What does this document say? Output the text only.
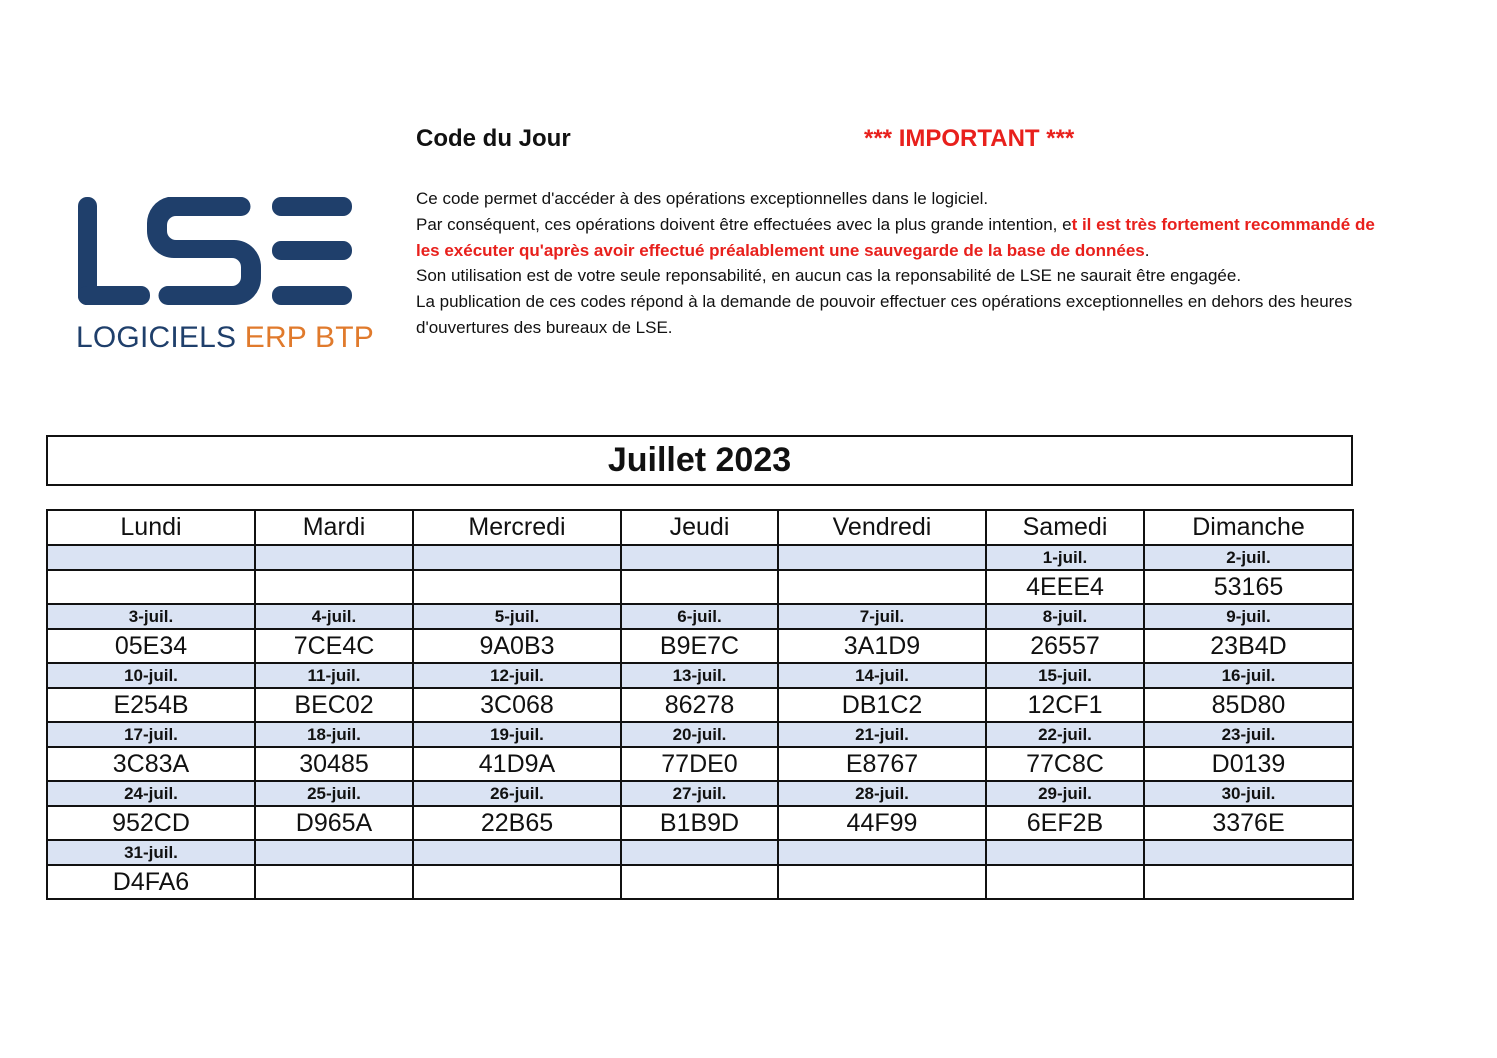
LOGICIELS ERP BTP
Code du Jour	*** IMPORTANT ***
Ce code permet d'accéder à des opérations exceptionnelles dans le logiciel.
Par conséquent, ces opérations doivent être effectuées avec la plus grande intention, et il est très fortement recommandé de les exécuter qu'après avoir effectué préalablement une sauvegarde de la base de données.
Son utilisation est de votre seule reponsabilité, en aucun cas la reponsabilité de LSE ne saurait être engagée.
La publication de ces codes répond à la demande de pouvoir effectuer ces opérations exceptionnelles en dehors des heures d'ouvertures des bureaux de LSE.
Juillet 2023
Lundi	Mardi	Mercredi	Jeudi	Vendredi	Samedi	Dimanche
					1-juil.	2-juil.
					4EEE4	53165
3-juil.	4-juil.	5-juil.	6-juil.	7-juil.	8-juil.	9-juil.
05E34	7CE4C	9A0B3	B9E7C	3A1D9	26557	23B4D
10-juil.	11-juil.	12-juil.	13-juil.	14-juil.	15-juil.	16-juil.
E254B	BEC02	3C068	86278	DB1C2	12CF1	85D80
17-juil.	18-juil.	19-juil.	20-juil.	21-juil.	22-juil.	23-juil.
3C83A	30485	41D9A	77DE0	E8767	77C8C	D0139
24-juil.	25-juil.	26-juil.	27-juil.	28-juil.	29-juil.	30-juil.
952CD	D965A	22B65	B1B9D	44F99	6EF2B	3376E
31-juil.						
D4FA6						
